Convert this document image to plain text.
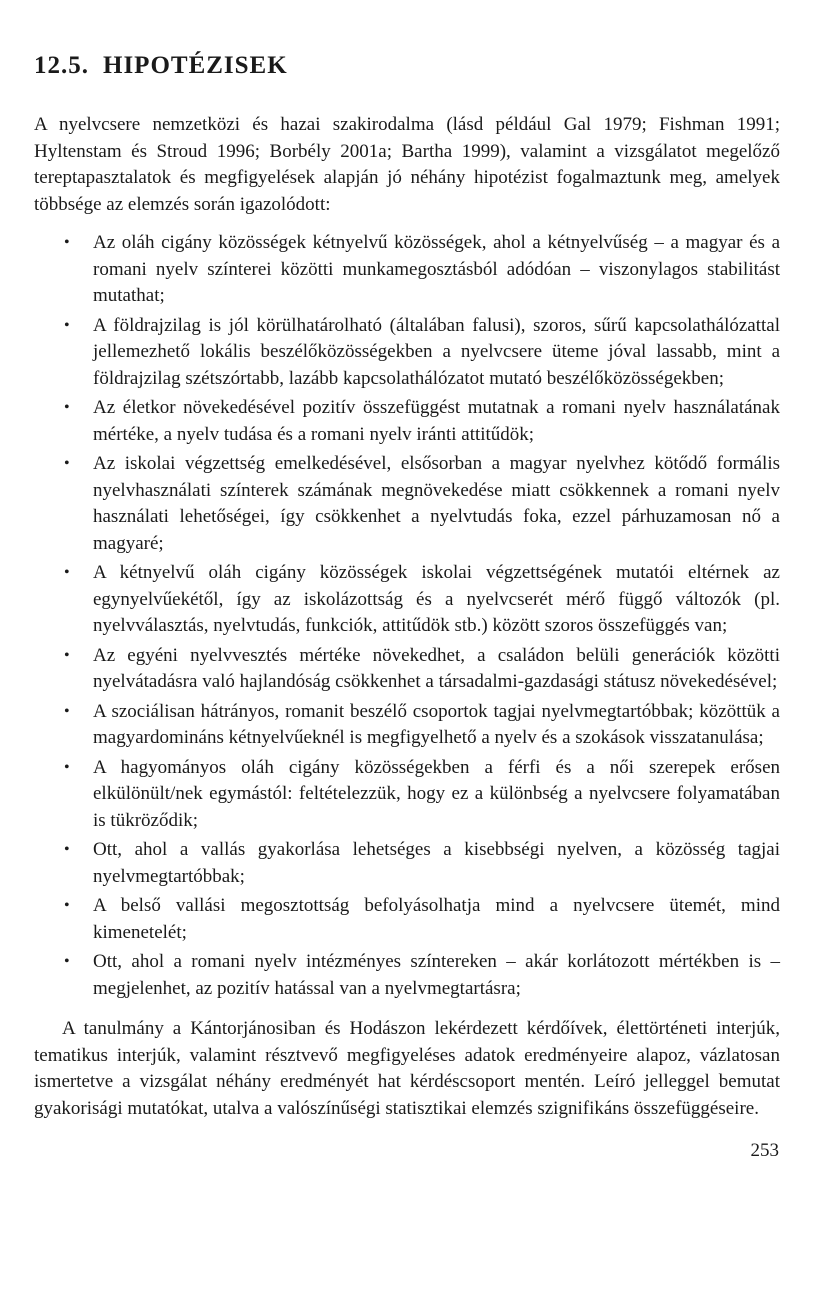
12.5. HIPOTÉZISEK

A nyelvcsere nemzetközi és hazai szakirodalma (lásd például Gal 1979; Fishman 1991; Hyltenstam és Stroud 1996; Borbély 2001a; Bartha 1999), valamint a vizsgálatot megelőző tereptapasztalatok és megfigyelések alapján jó néhány hipotézist fogalmaztunk meg, amelyek többsége az elemzés során igazolódott:

• Az oláh cigány közösségek kétnyelvű közösségek, ahol a kétnyelvűség – a magyar és a romani nyelv színterei közötti munkamegosztásból adódóan – viszonylagos stabilitást mutathat;
• A földrajzilag is jól körülhatárolható (általában falusi), szoros, sűrű kapcsolathálózattal jellemezhető lokális beszélőközösségekben a nyelvcsere üteme jóval lassabb, mint a földrajzilag szétszórtabb, lazább kapcsolathálózatot mutató beszélőközösségekben;
• Az életkor növekedésével pozitív összefüggést mutatnak a romani nyelv használatának mértéke, a nyelv tudása és a romani nyelv iránti attitűdök;
• Az iskolai végzettség emelkedésével, elsősorban a magyar nyelvhez kötődő formális nyelvhasználati színterek számának megnövekedése miatt csökkennek a romani nyelv használati lehetőségei, így csökkenhet a nyelvtudás foka, ezzel párhuzamosan nő a magyaré;
• A kétnyelvű oláh cigány közösségek iskolai végzettségének mutatói eltérnek az egynyelvűekétől, így az iskolázottság és a nyelvcserét mérő függő változók (pl. nyelvválasztás, nyelvtudás, funkciók, attitűdök stb.) között szoros összefüggés van;
• Az egyéni nyelvvesztés mértéke növekedhet, a családon belüli generációk közötti nyelvátadásra való hajlandóság csökkenhet a társadalmi-gazdasági státusz növekedésével;
• A szociálisan hátrányos, romanit beszélő csoportok tagjai nyelvmegtartóbbak; közöttük a magyardomináns kétnyelvűeknél is megfigyelhető a nyelv és a szokások visszatanulása;
• A hagyományos oláh cigány közösségekben a férfi és a női szerepek erősen elkülönült/nek egymástól: feltételezzük, hogy ez a különbség a nyelvcsere folyamatában is tükröződik;
• Ott, ahol a vallás gyakorlása lehetséges a kisebbségi nyelven, a közösség tagjai nyelvmegtartóbbak;
• A belső vallási megosztottság befolyásolhatja mind a nyelvcsere ütemét, mind kimenetelét;
• Ott, ahol a romani nyelv intézményes színtereken – akár korlátozott mértékben is – megjelenhet, az pozitív hatással van a nyelvmegtartásra;

A tanulmány a Kántorjánosiban és Hodászon lekérdezett kérdőívek, élettörténeti interjúk, tematikus interjúk, valamint résztvevő megfigyeléses adatok eredményeire alapoz, vázlatosan ismertetve a vizsgálat néhány eredményét hat kérdéscsoport mentén. Leíró jelleggel bemutat gyakorisági mutatókat, utalva a valószínűségi statisztikai elemzés szignifikáns összefüggéseire.

253
